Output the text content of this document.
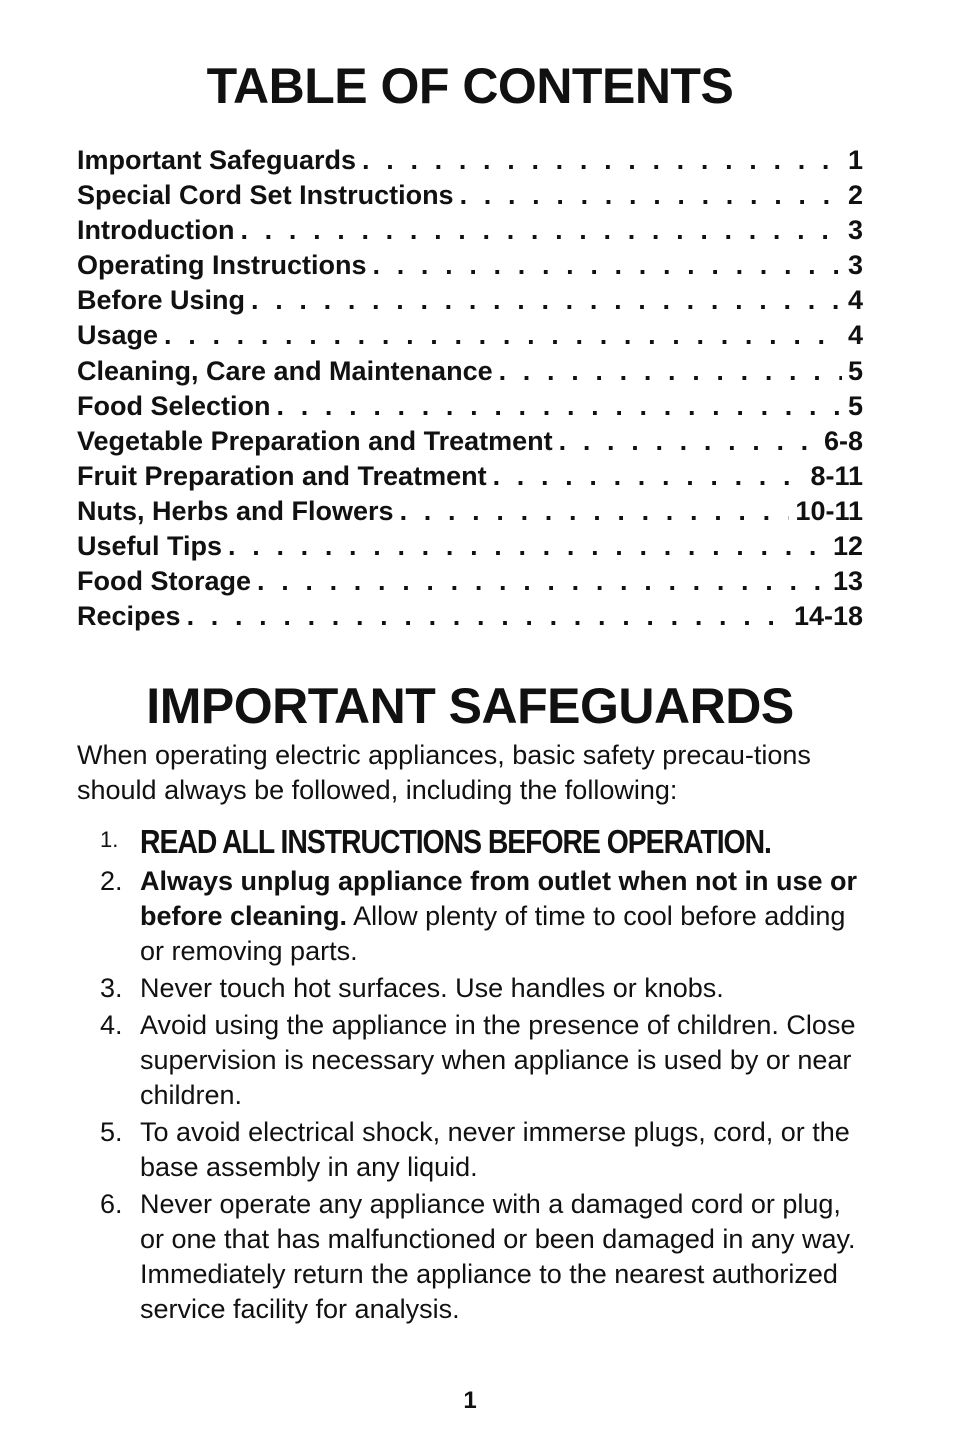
TABLE OF CONTENTS
Important Safeguards . . .	1
Special Cord Set Instructions . . .	2
Introduction . . .	3
Operating Instructions . . .	3
Before Using . . .	4
Usage . . .	4
Cleaning, Care and Maintenance . . .	5
Food Selection . . .	5
Vegetable Preparation and Treatment . . .	6-8
Fruit Preparation and Treatment . . .	8-11
Nuts, Herbs and Flowers . . .	10-11
Useful Tips . . .	12
Food Storage . . .	13
Recipes . . .	14-18
IMPORTANT SAFEGUARDS

When operating electric appliances, basic safety precau-tions should always be followed, including the following:

1. READ ALL INSTRUCTIONS BEFORE OPERATION.
2. Always unplug appliance from outlet when not in use or before cleaning. Allow plenty of time to cool before adding or removing parts.
3. Never touch hot surfaces. Use handles or knobs.
4. Avoid using the appliance in the presence of children. Close supervision is necessary when appliance is used by or near children.
5. To avoid electrical shock, never immerse plugs, cord, or the base assembly in any liquid.
6. Never operate any appliance with a damaged cord or plug, or one that has malfunctioned or been damaged in any way. Immediately return the appliance to the nearest authorized service facility for analysis.
1
